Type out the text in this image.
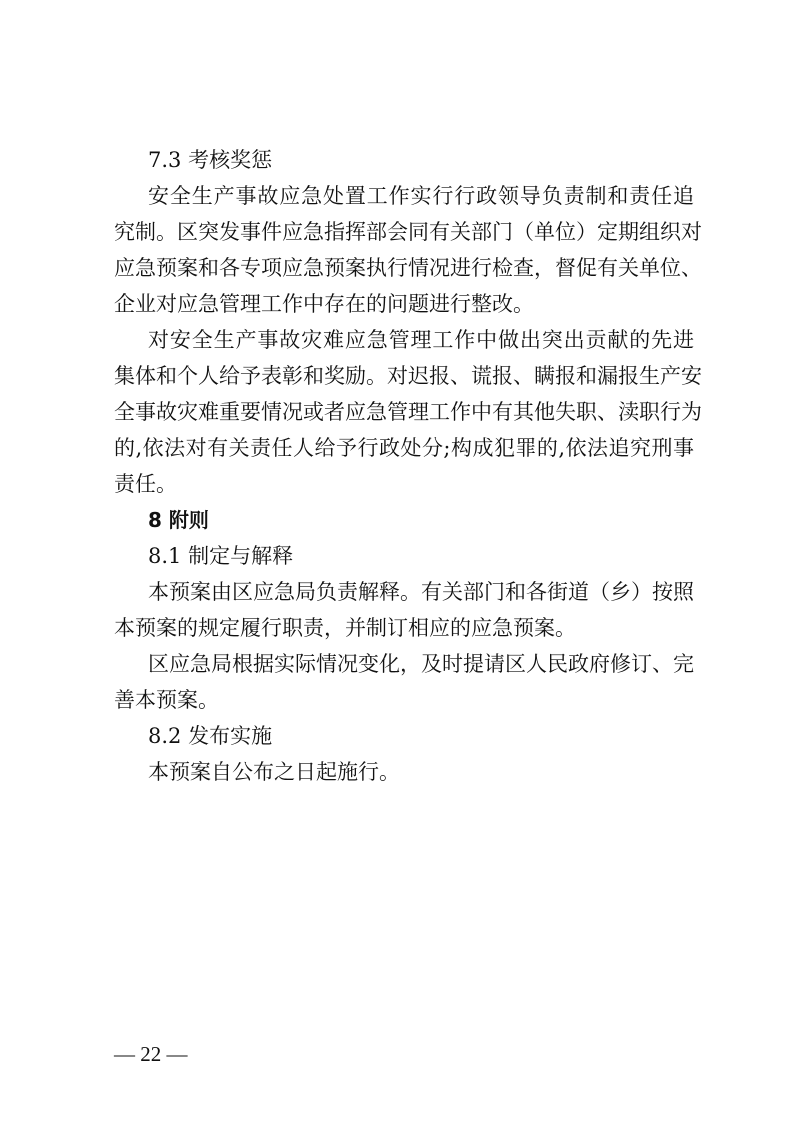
7.3 考核奖惩
安全生产事故应急处置工作实行行政领导负责制和责任追
究制。区突发事件应急指挥部会同有关部门（单位）定期组织对
应急预案和各专项应急预案执行情况进行检查，督促有关单位、
企业对应急管理工作中存在的问题进行整改。
对安全生产事故灾难应急管理工作中做出突出贡献的先进
集体和个人给予表彰和奖励。对迟报、谎报、瞒报和漏报生产安
全事故灾难重要情况或者应急管理工作中有其他失职、渎职行为
的,依法对有关责任人给予行政处分;构成犯罪的,依法追究刑事
责任。
8 附则
8.1 制定与解释
本预案由区应急局负责解释。有关部门和各街道（乡）按照
本预案的规定履行职责，并制订相应的应急预案。
区应急局根据实际情况变化，及时提请区人民政府修订、完
善本预案。
8.2 发布实施
本预案自公布之日起施行。
— 22 —
